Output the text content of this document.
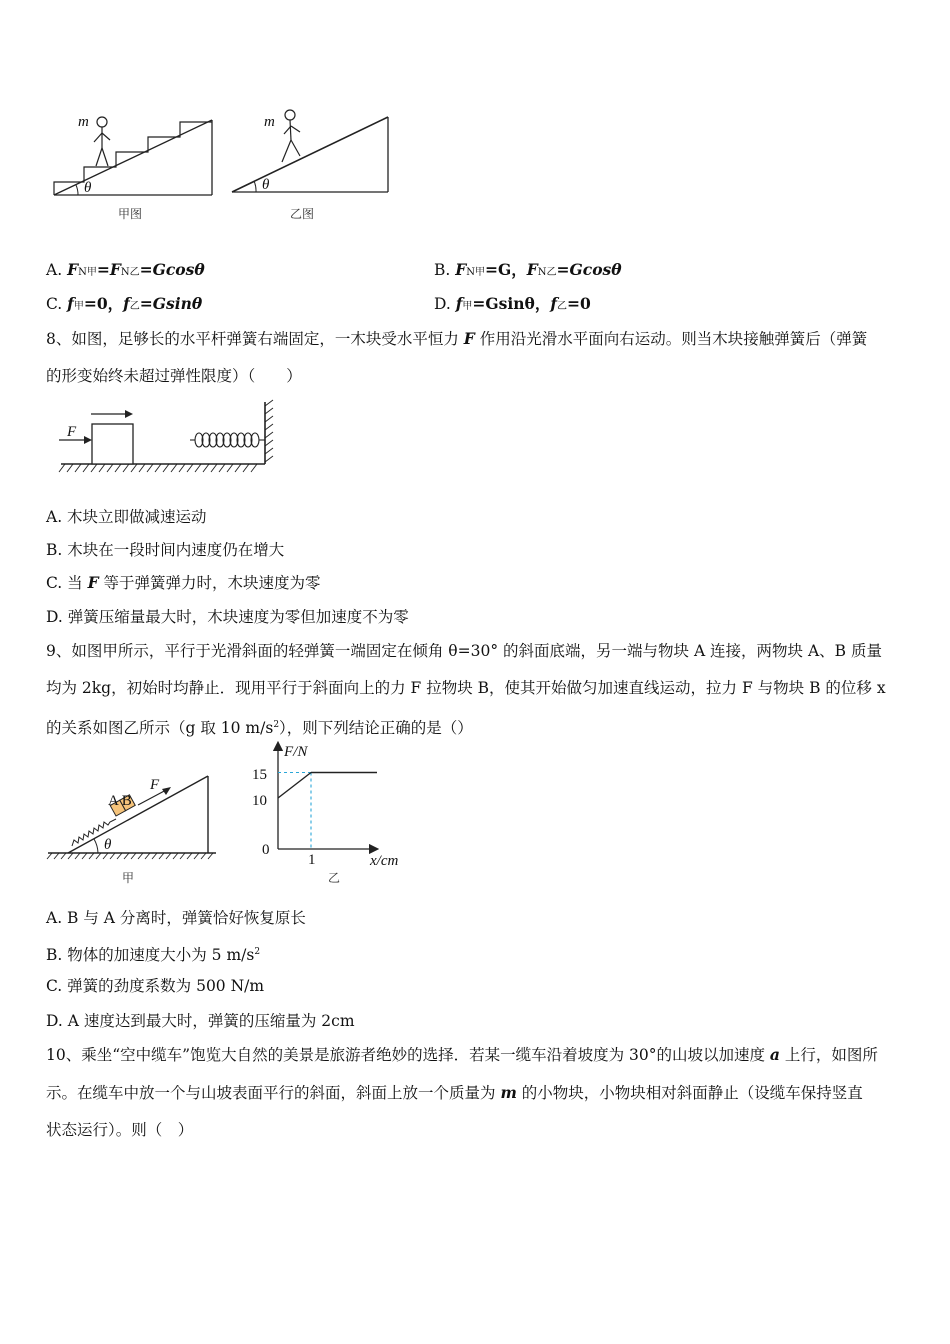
m
θ
甲图
m
θ
乙图
A. FN甲=FN乙=Gcosθ	B. FN甲=G，FN乙=Gcosθ
C. f甲=0，f乙=Gsinθ	D. f甲=Gsinθ，f乙=0
8、如图，足够长的水平杆弹簧右端固定，一木块受水平恒力 F 作用沿光滑水平面向右运动。则当木块接触弹簧后（弹簧
的形变始终未超过弹性限度）（　　）
F
A. 木块立即做减速运动
B. 木块在一段时间内速度仍在增大
C. 当 F 等于弹簧弹力时，木块速度为零
D. 弹簧压缩量最大时，木块速度为零但加速度不为零
9、如图甲所示，平行于光滑斜面的轻弹簧一端固定在倾角 θ=30° 的斜面底端，另一端与物块 A 连接，两物块 A、B 质量
均为 2kg，初始时均静止．现用平行于斜面向上的力 F 拉物块 B，使其开始做匀加速直线运动，拉力 F 与物块 B 的位移 x
的关系如图乙所示（g 取 10 $m/s^2$），则下列结论正确的是（）
A B
F
θ
甲
F/N
x/cm
15
10
0
1
乙
A. B 与 A 分离时，弹簧恰好恢复原长
B. 物体的加速度大小为 5 $m/s^2$
C. 弹簧的劲度系数为 500 N/m
D. A 速度达到最大时，弹簧的压缩量为 2cm
10、乘坐“空中缆车”饱览大自然的美景是旅游者绝妙的选择．若某一缆车沿着坡度为 30°的山坡以加速度 a 上行，如图所
示。在缆车中放一个与山坡表面平行的斜面，斜面上放一个质量为 m 的小物块，小物块相对斜面静止（设缆车保持竖直
状态运行）。则（　）
